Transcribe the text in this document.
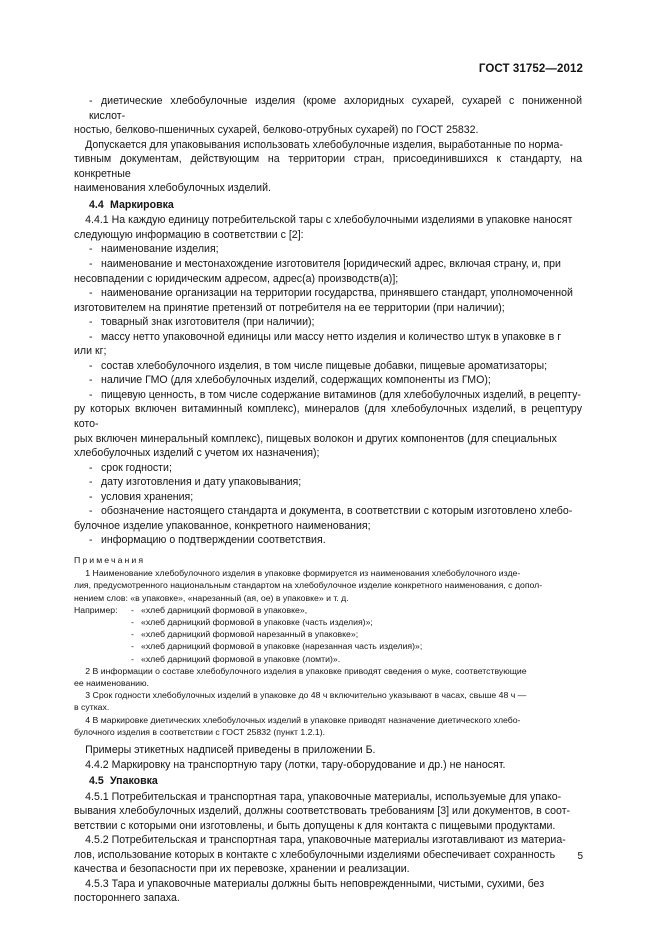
ГОСТ 31752—2012

- диетические хлебобулочные изделия (кроме ахлоридных сухарей, сухарей с пониженной кислот-

ностью, белково-пшеничных сухарей, белково-отрубных сухарей) по ГОСТ 25832.

Допускается для упаковывания использовать хлебобулочные изделия, выработанные по норма-

тивным документам, действующим на территории стран, присоединившихся к стандарту, на конкретные

наименования хлебобулочных изделий.

4.4 Маркировка

4.4.1 На каждую единицу потребительской тары с хлебобулочными изделиями в упаковке наносят

следующую информацию в соответствии с [2]:

- наименование изделия;

- наименование и местонахождение изготовителя [юридический адрес, включая страну, и, при

несовпадении с юридическим адресом, адрес(а) производств(а)];

- наименование организации на территории государства, принявшего стандарт, уполномоченной

изготовителем на принятие претензий от потребителя на ее территории (при наличии);

- товарный знак изготовителя (при наличии);

- массу нетто упаковочной единицы или массу нетто изделия и количество штук в упаковке в г

или кг;

- состав хлебобулочного изделия, в том числе пищевые добавки, пищевые ароматизаторы;

- наличие ГМО (для хлебобулочных изделий, содержащих компоненты из ГМО);

- пищевую ценность, в том числе содержание витаминов (для хлебобулочных изделий, в рецепту-

ру которых включен витаминный комплекс), минералов (для хлебобулочных изделий, в рецептуру кото-

рых включен минеральный комплекс), пищевых волокон и других компонентов (для специальных

хлебобулочных изделий с учетом их назначения);

- срок годности;

- дату изготовления и дату упаковывания;

- условия хранения;

- обозначение настоящего стандарта и документа, в соответствии с которым изготовлено хлебо-

булочное изделие упакованное, конкретного наименования;

- информацию о подтверждении соответствия.

Примечания

1 Наименование хлебобулочного изделия в упаковке формируется из наименования хлебобулочного изде-

лия, предусмотренного национальным стандартом на хлебобулочное изделие конкретного наименования, с допол-

нением слов: «в упаковке», «нарезанный (ая, ое) в упаковке» и т. д.

Например: - «хлеб дарницкий формовой в упаковке»,
- «хлеб дарницкий формовой в упаковке (часть изделия)»;
- «хлеб дарницкий формовой нарезанный в упаковке»;
- «хлеб дарницкий формовой в упаковке (нарезанная часть изделия)»;
- «хлеб дарницкий формовой в упаковке (ломти)».

2 В информации о составе хлебобулочного изделия в упаковке приводят сведения о муке, соответствующие

ее наименованию.

3 Срок годности хлебобулочных изделий в упаковке до 48 ч включительно указывают в часах, свыше 48 ч —

в сутках.

4 В маркировке диетических хлебобулочных изделий в упаковке приводят назначение диетического хлебо-

булочного изделия в соответствии с ГОСТ 25832 (пункт 1.2.1).

Примеры этикетных надписей приведены в приложении Б.

4.4.2 Маркировку на транспортную тару (лотки, тару-оборудование и др.) не наносят.

4.5 Упаковка

4.5.1 Потребительская и транспортная тара, упаковочные материалы, используемые для упако-

вывания хлебобулочных изделий, должны соответствовать требованиям [3] или документов, в соот-

ветствии с которыми они изготовлены, и быть допущены к для контакта с пищевыми продуктами.

4.5.2 Потребительская и транспортная тара, упаковочные материалы изготавливают из материа-

лов, использование которых в контакте с хлебобулочными изделиями обеспечивает сохранность

качества и безопасности при их перевозке, хранении и реализации.

4.5.3 Тара и упаковочные материалы должны быть неповрежденными, чистыми, сухими, без

постороннего запаха.

5
